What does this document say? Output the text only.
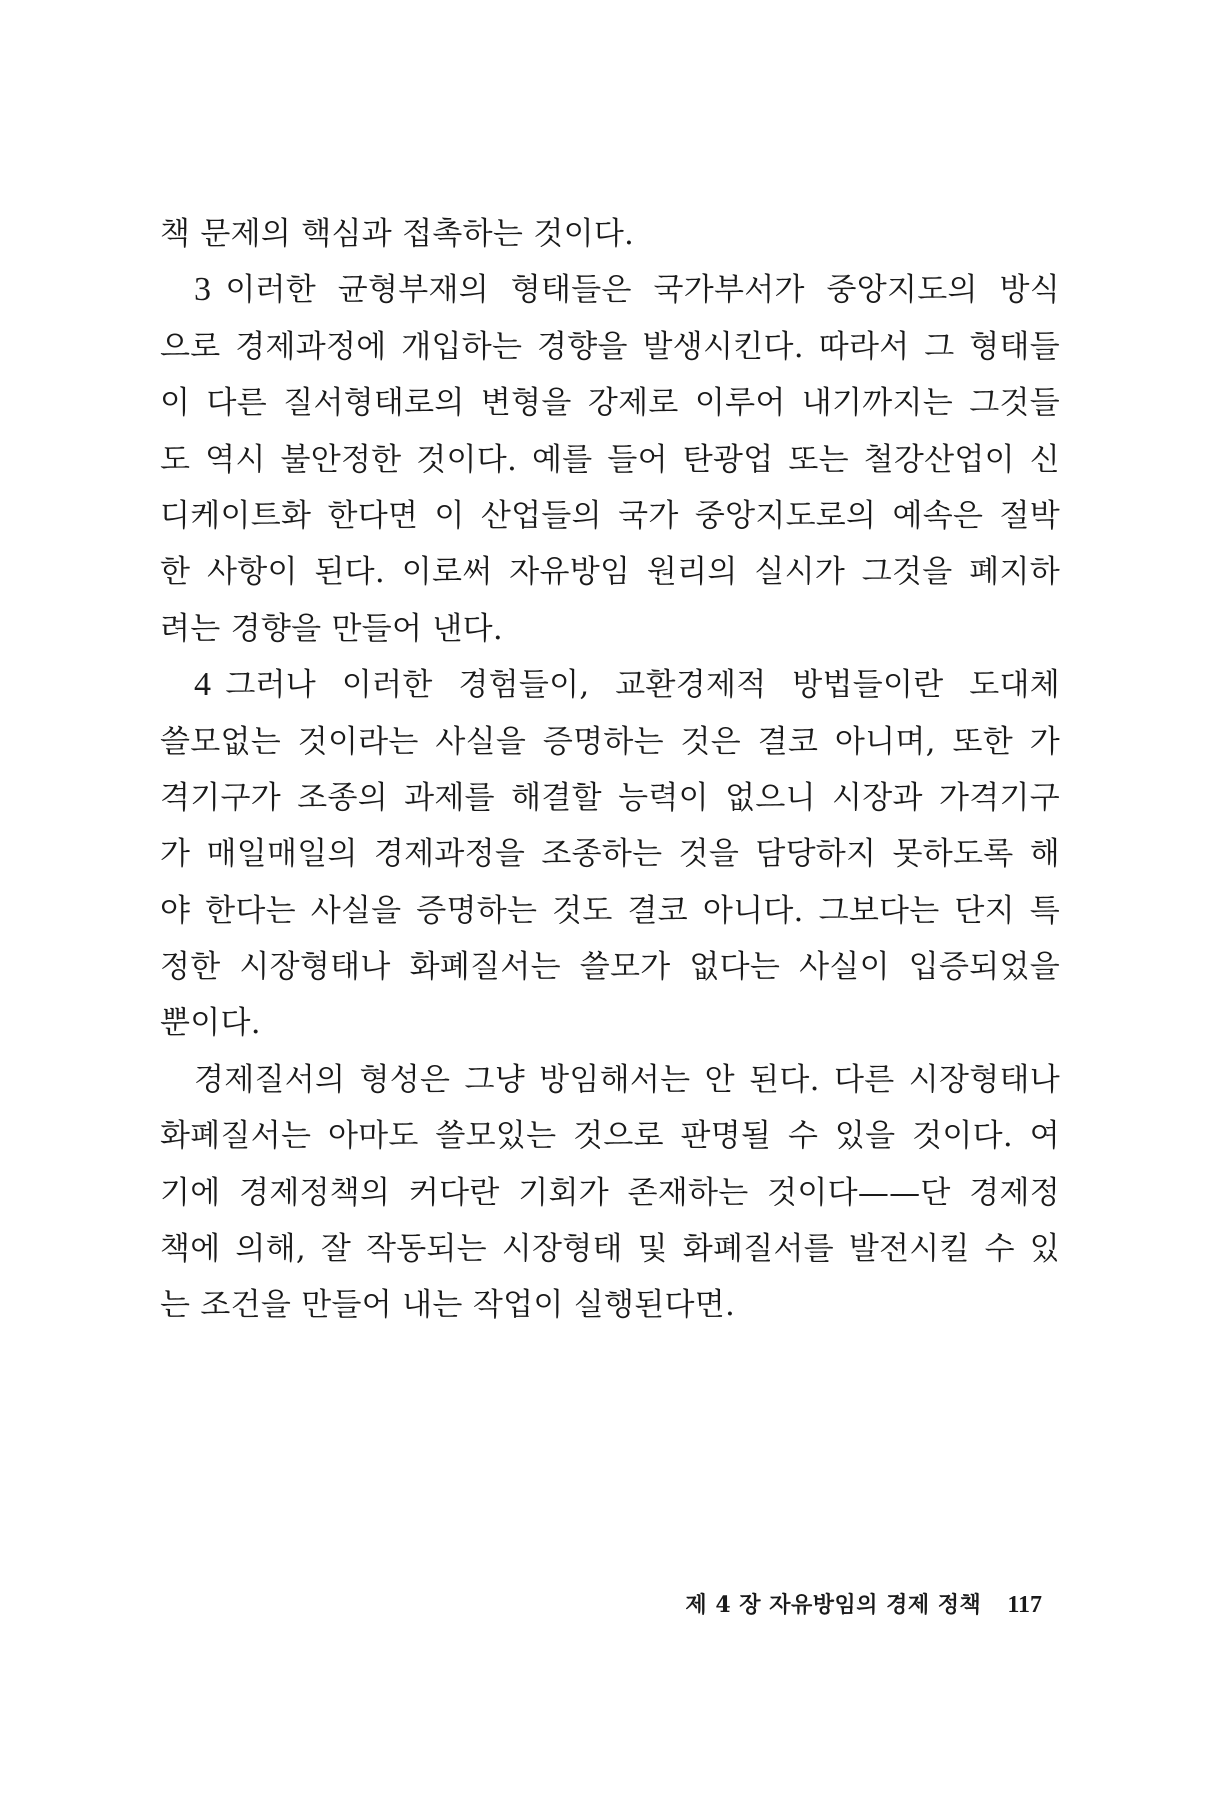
책 문제의 핵심과 접촉하는 것이다.
3 이러한 균형부재의 형태들은 국가부서가 중앙지도의 방식
으로 경제과정에 개입하는 경향을 발생시킨다. 따라서 그 형태들
이 다른 질서형태로의 변형을 강제로 이루어 내기까지는 그것들
도 역시 불안정한 것이다. 예를 들어 탄광업 또는 철강산업이 신
디케이트화 한다면 이 산업들의 국가 중앙지도로의 예속은 절박
한 사항이 된다. 이로써 자유방임 원리의 실시가 그것을 폐지하
려는 경향을 만들어 낸다.
4 그러나 이러한 경험들이, 교환경제적 방법들이란 도대체
쓸모없는 것이라는 사실을 증명하는 것은 결코 아니며, 또한 가
격기구가 조종의 과제를 해결할 능력이 없으니 시장과 가격기구
가 매일매일의 경제과정을 조종하는 것을 담당하지 못하도록 해
야 한다는 사실을 증명하는 것도 결코 아니다. 그보다는 단지 특
정한 시장형태나 화폐질서는 쓸모가 없다는 사실이 입증되었을
뿐이다.
경제질서의 형성은 그냥 방임해서는 안 된다. 다른 시장형태나
화폐질서는 아마도 쓸모있는 것으로 판명될 수 있을 것이다. 여
기에 경제정책의 커다란 기회가 존재하는 것이다——단 경제정
책에 의해, 잘 작동되는 시장형태 및 화폐질서를 발전시킬 수 있
는 조건을 만들어 내는 작업이 실행된다면.
제 4 장 자유방임의 경제 정책 117
